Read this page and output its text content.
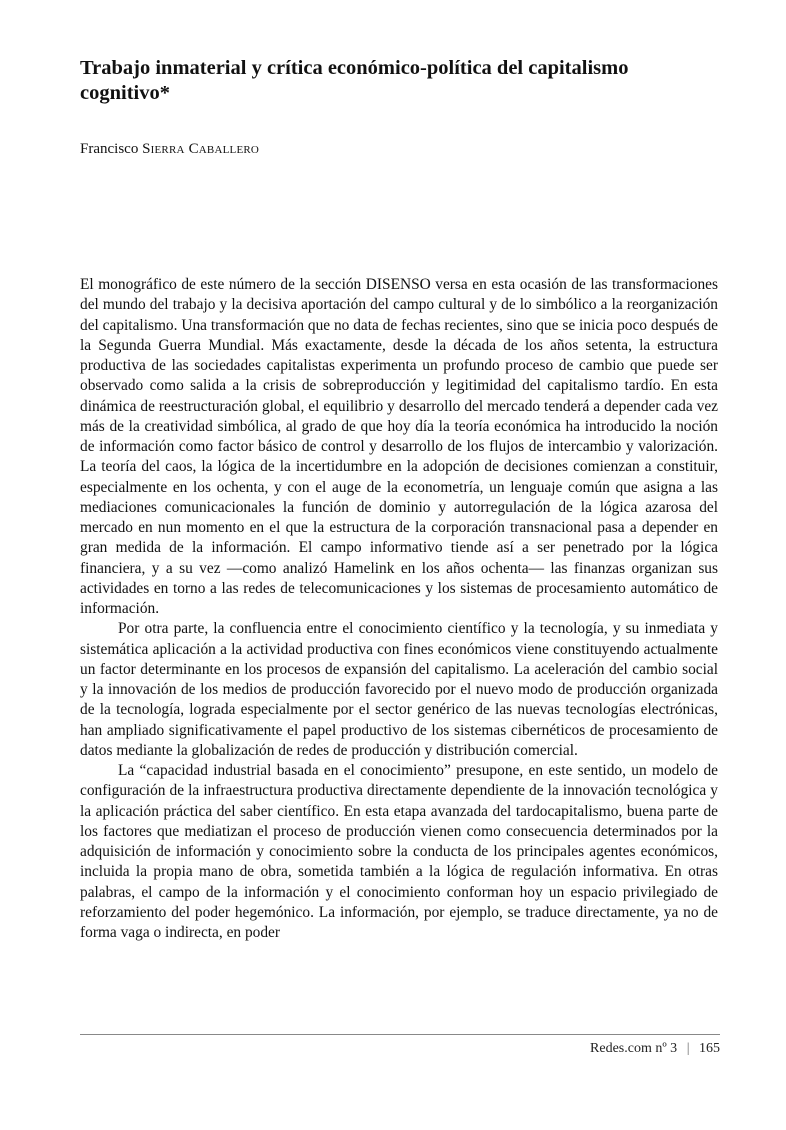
Trabajo inmaterial y crítica económico-política del capitalismo cognitivo*
Francisco Sierra Caballero

El monográfico de este número de la sección DISENSO versa en esta ocasión de las transformaciones del mundo del trabajo y la decisiva aportación del campo cultural y de lo simbólico a la reorganización del capitalismo. Una transformación que no data de fechas recientes, sino que se inicia poco después de la Segunda Guerra Mundial. Más exactamente, desde la década de los años setenta, la estructura productiva de las sociedades capitalistas experimenta un profundo proceso de cambio que puede ser observado como salida a la crisis de sobreproducción y legitimidad del capitalismo tardío. En esta dinámica de reestructuración global, el equilibrio y desarrollo del mercado tenderá a depender cada vez más de la creatividad simbólica, al grado de que hoy día la teoría económica ha introducido la noción de información como factor básico de control y desarrollo de los flujos de intercambio y valorización. La teoría del caos, la lógica de la incertidumbre en la adopción de decisiones comienzan a constituir, especialmente en los ochenta, y con el auge de la econometría, un lenguaje común que asigna a las mediaciones comunicacionales la función de dominio y autorregulación de la lógica azarosa del mercado en nun momento en el que la estructura de la corporación transnacional pasa a depender en gran medida de la información. El campo informativo tiende así a ser penetrado por la lógica financiera, y a su vez —como analizó Hamelink en los años ochenta— las finanzas organizan sus actividades en torno a las redes de telecomunicaciones y los sistemas de procesamiento automático de información.

Por otra parte, la confluencia entre el conocimiento científico y la tecnología, y su inmediata y sistemática aplicación a la actividad productiva con fines económicos viene constituyendo actualmente un factor determinante en los procesos de expansión del capitalismo. La aceleración del cambio social y la innovación de los medios de producción favorecido por el nuevo modo de producción organizada de la tecnología, lograda especialmente por el sector genérico de las nuevas tecnologías electrónicas, han ampliado significativamente el papel productivo de los sistemas cibernéticos de procesamiento de datos mediante la globalización de redes de producción y distribución comercial.

La “capacidad industrial basada en el conocimiento” presupone, en este sentido, un modelo de configuración de la infraestructura productiva directamente dependiente de la innovación tecnológica y la aplicación práctica del saber científico. En esta etapa avanzada del tardocapitalismo, buena parte de los factores que mediatizan el proceso de producción vienen como consecuencia determinados por la adquisición de información y conocimiento sobre la conducta de los principales agentes económicos, incluida la propia mano de obra, sometida también a la lógica de regulación informativa. En otras palabras, el campo de la información y el conocimiento conforman hoy un espacio privilegiado de reforzamiento del poder hegemónico. La información, por ejemplo, se traduce directamente, ya no de forma vaga o indirecta, en poder

Redes.com nº 3 | 165
